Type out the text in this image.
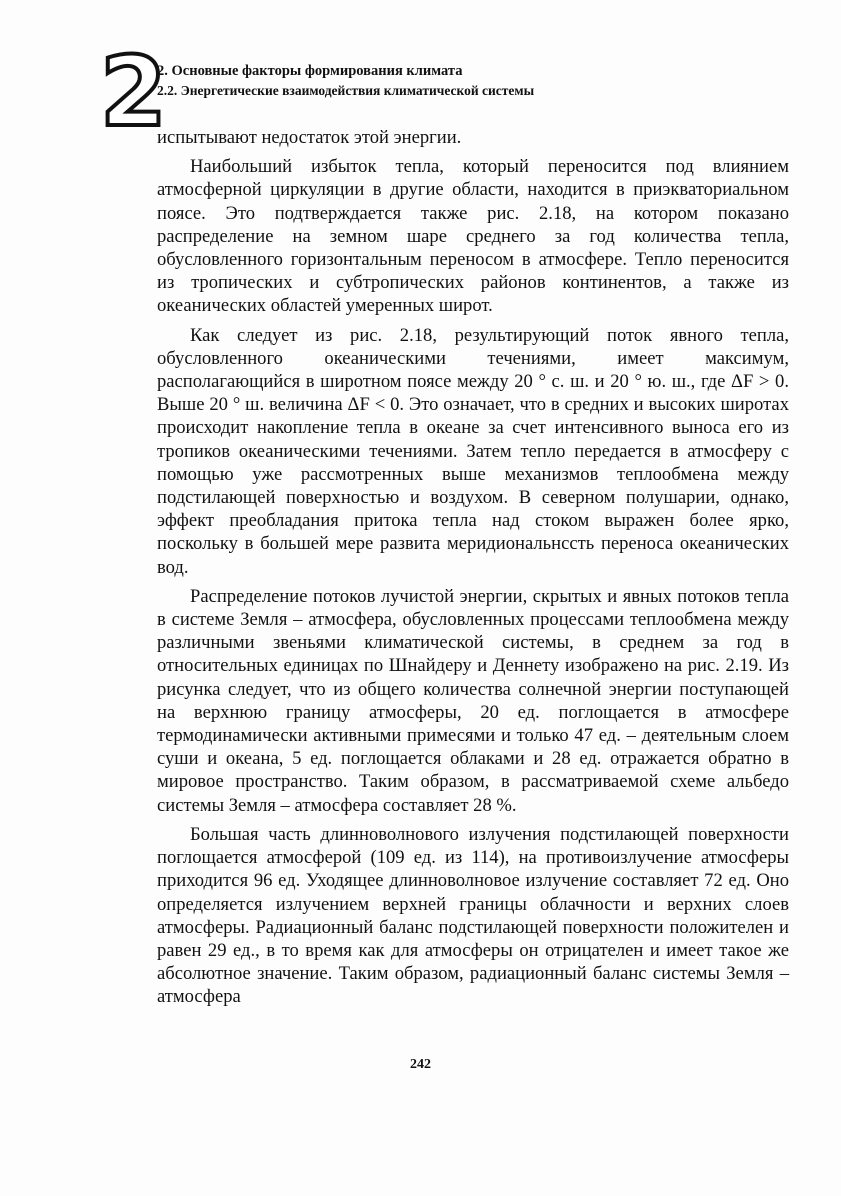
2
2. Основные факторы формирования климата
2.2. Энергетические взаимодействия климатической системы

испытывают недостаток этой энергии.

Наибольший избыток тепла, который переносится под влиянием атмосферной циркуляции в другие области, находится в приэкваториальном поясе. Это подтверждается также рис. 2.18, на котором показано распределение на земном шаре среднего за год количества тепла, обусловленного горизонтальным переносом в атмосфере. Тепло переносится из тропических и субтропических районов континентов, а также из океанических областей умеренных широт.

Как следует из рис. 2.18, результирующий поток явного тепла, обусловленного океаническими течениями, имеет максимум, располагающийся в широтном поясе между 20 ° с. ш. и 20 ° ю. ш., где ΔF > 0. Выше 20 ° ш. величина ΔF < 0. Это означает, что в средних и высоких широтах происходит накопление тепла в океане за счет интенсивного выноса его из тропиков океаническими течениями. Затем тепло передается в атмосферу с помощью уже рассмотренных выше механизмов теплообмена между подстилающей поверхностью и воздухом. В северном полушарии, однако, эффект преобладания притока тепла над стоком выражен более ярко, поскольку в большей мере развита меридиональнсcть переноса океанических вод.

Распределение потоков лучистой энергии, скрытых и явных потоков тепла в системе Земля – атмосфера, обусловленных процессами теплообмена между различными звеньями климатической системы, в среднем за год в относительных единицах по Шнайдеру и Деннету изображено на рис. 2.19. Из рисунка следует, что из общего количества солнечной энергии поступающей на верхнюю границу атмосферы, 20 ед. поглощается в атмосфере термодинамически активными примесями и только 47 ед. – деятельным слоем суши и океана, 5 ед. поглощается облаками и 28 ед. отражается обратно в мировое пространство. Таким образом, в рассматриваемой схеме альбедо системы Земля – атмосфера составляет 28 %.

Большая часть длинноволнового излучения подстилающей поверхности поглощается атмосферой (109 ед. из 114), на противоизлучение атмосферы приходится 96 ед. Уходящее длинноволновое излучение составляет 72 ед. Оно определяется излучением верхней границы облачности и верхних слоев атмосферы. Радиационный баланс подстилающей поверхности положителен и равен 29 ед., в то время как для атмосферы он отрицателен и имеет такое же абсолютное значение. Таким образом, радиационный баланс системы Земля – атмосфера

242
